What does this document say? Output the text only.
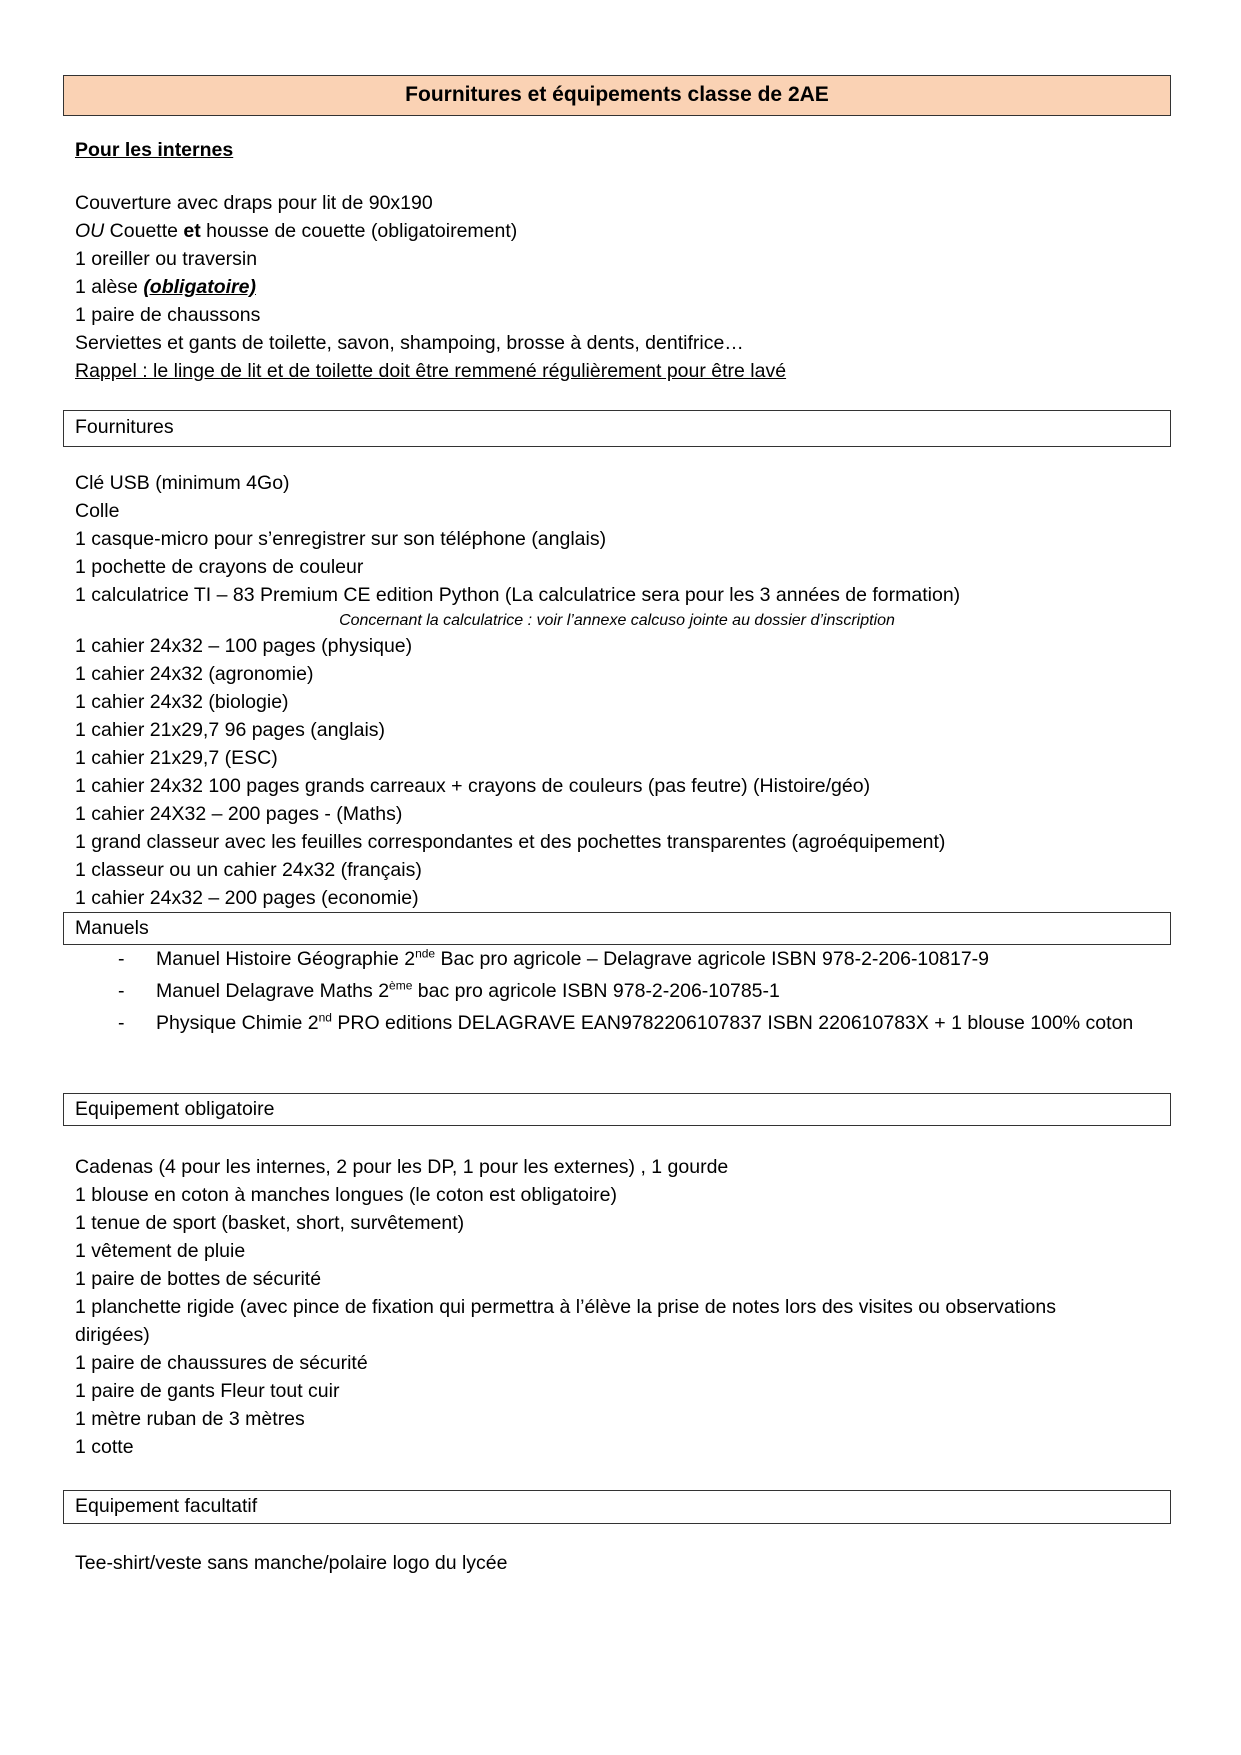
Fournitures et équipements classe de 2AE
Pour les internes
Couverture avec draps pour lit de 90x190
OU Couette et housse de couette (obligatoirement)
1 oreiller ou traversin
1 alèse (obligatoire)
1 paire de chaussons
Serviettes et gants de toilette, savon, shampoing, brosse à dents, dentifrice…
Rappel : le linge de lit et de toilette doit être remmené régulièrement pour être lavé
Fournitures
Clé USB (minimum 4Go)
Colle
1 casque-micro pour s’enregistrer sur son téléphone (anglais)
1 pochette de crayons de couleur
1 calculatrice TI – 83 Premium CE edition Python (La calculatrice sera pour les 3 années de formation)
Concernant la calculatrice : voir l’annexe calcuso jointe au dossier d’inscription
1 cahier 24x32 – 100 pages (physique)
1 cahier 24x32 (agronomie)
1 cahier 24x32 (biologie)
1 cahier 21x29,7 96 pages (anglais)
1 cahier 21x29,7 (ESC)
1 cahier 24x32 100 pages grands carreaux + crayons de couleurs (pas feutre) (Histoire/géo)
1 cahier 24X32 – 200 pages - (Maths)
1 grand classeur avec les feuilles correspondantes et des pochettes transparentes (agroéquipement)
1 classeur ou un cahier 24x32 (français)
1 cahier 24x32 – 200 pages (economie)
Manuels
- Manuel Histoire Géographie 2nde Bac pro agricole – Delagrave agricole ISBN 978-2-206-10817-9
- Manuel Delagrave Maths 2ème bac pro agricole ISBN 978-2-206-10785-1
- Physique Chimie 2nd PRO editions DELAGRAVE EAN9782206107837 ISBN 220610783X + 1 blouse 100% coton
Equipement obligatoire
Cadenas (4 pour les internes, 2 pour les DP, 1 pour les externes) , 1 gourde
1 blouse en coton à manches longues (le coton est obligatoire)
1 tenue de sport (basket, short, survêtement)
1 vêtement de pluie
1 paire de bottes de sécurité
1 planchette rigide (avec pince de fixation qui permettra à l’élève la prise de notes lors des visites ou observations
dirigées)
1 paire de chaussures de sécurité
1 paire de gants Fleur tout cuir
1 mètre ruban de 3 mètres
1 cotte
Equipement facultatif
Tee-shirt/veste sans manche/polaire logo du lycée
